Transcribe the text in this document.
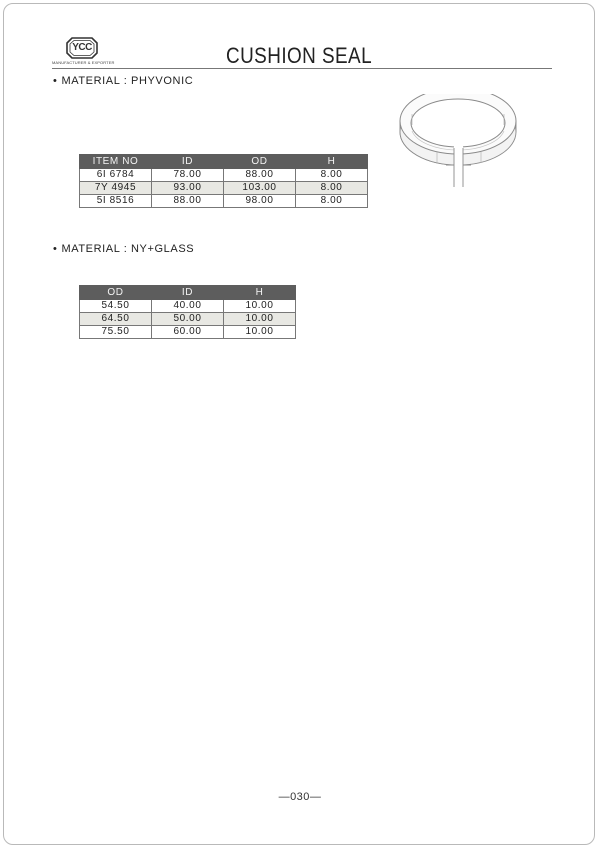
YCC
MANUFACTURER & EXPORTER	CUSHION SEAL
• MATERIAL : PHYVONIC
ITEM NO	ID	OD	H
6I 6784	78.00	88.00	8.00
7Y 4945	93.00	103.00	8.00
5I 8516	88.00	98.00	8.00
• MATERIAL : NY+GLASS
OD	ID	H
54.50	40.00	10.00
64.50	50.00	10.00
75.50	60.00	10.00
—030—
